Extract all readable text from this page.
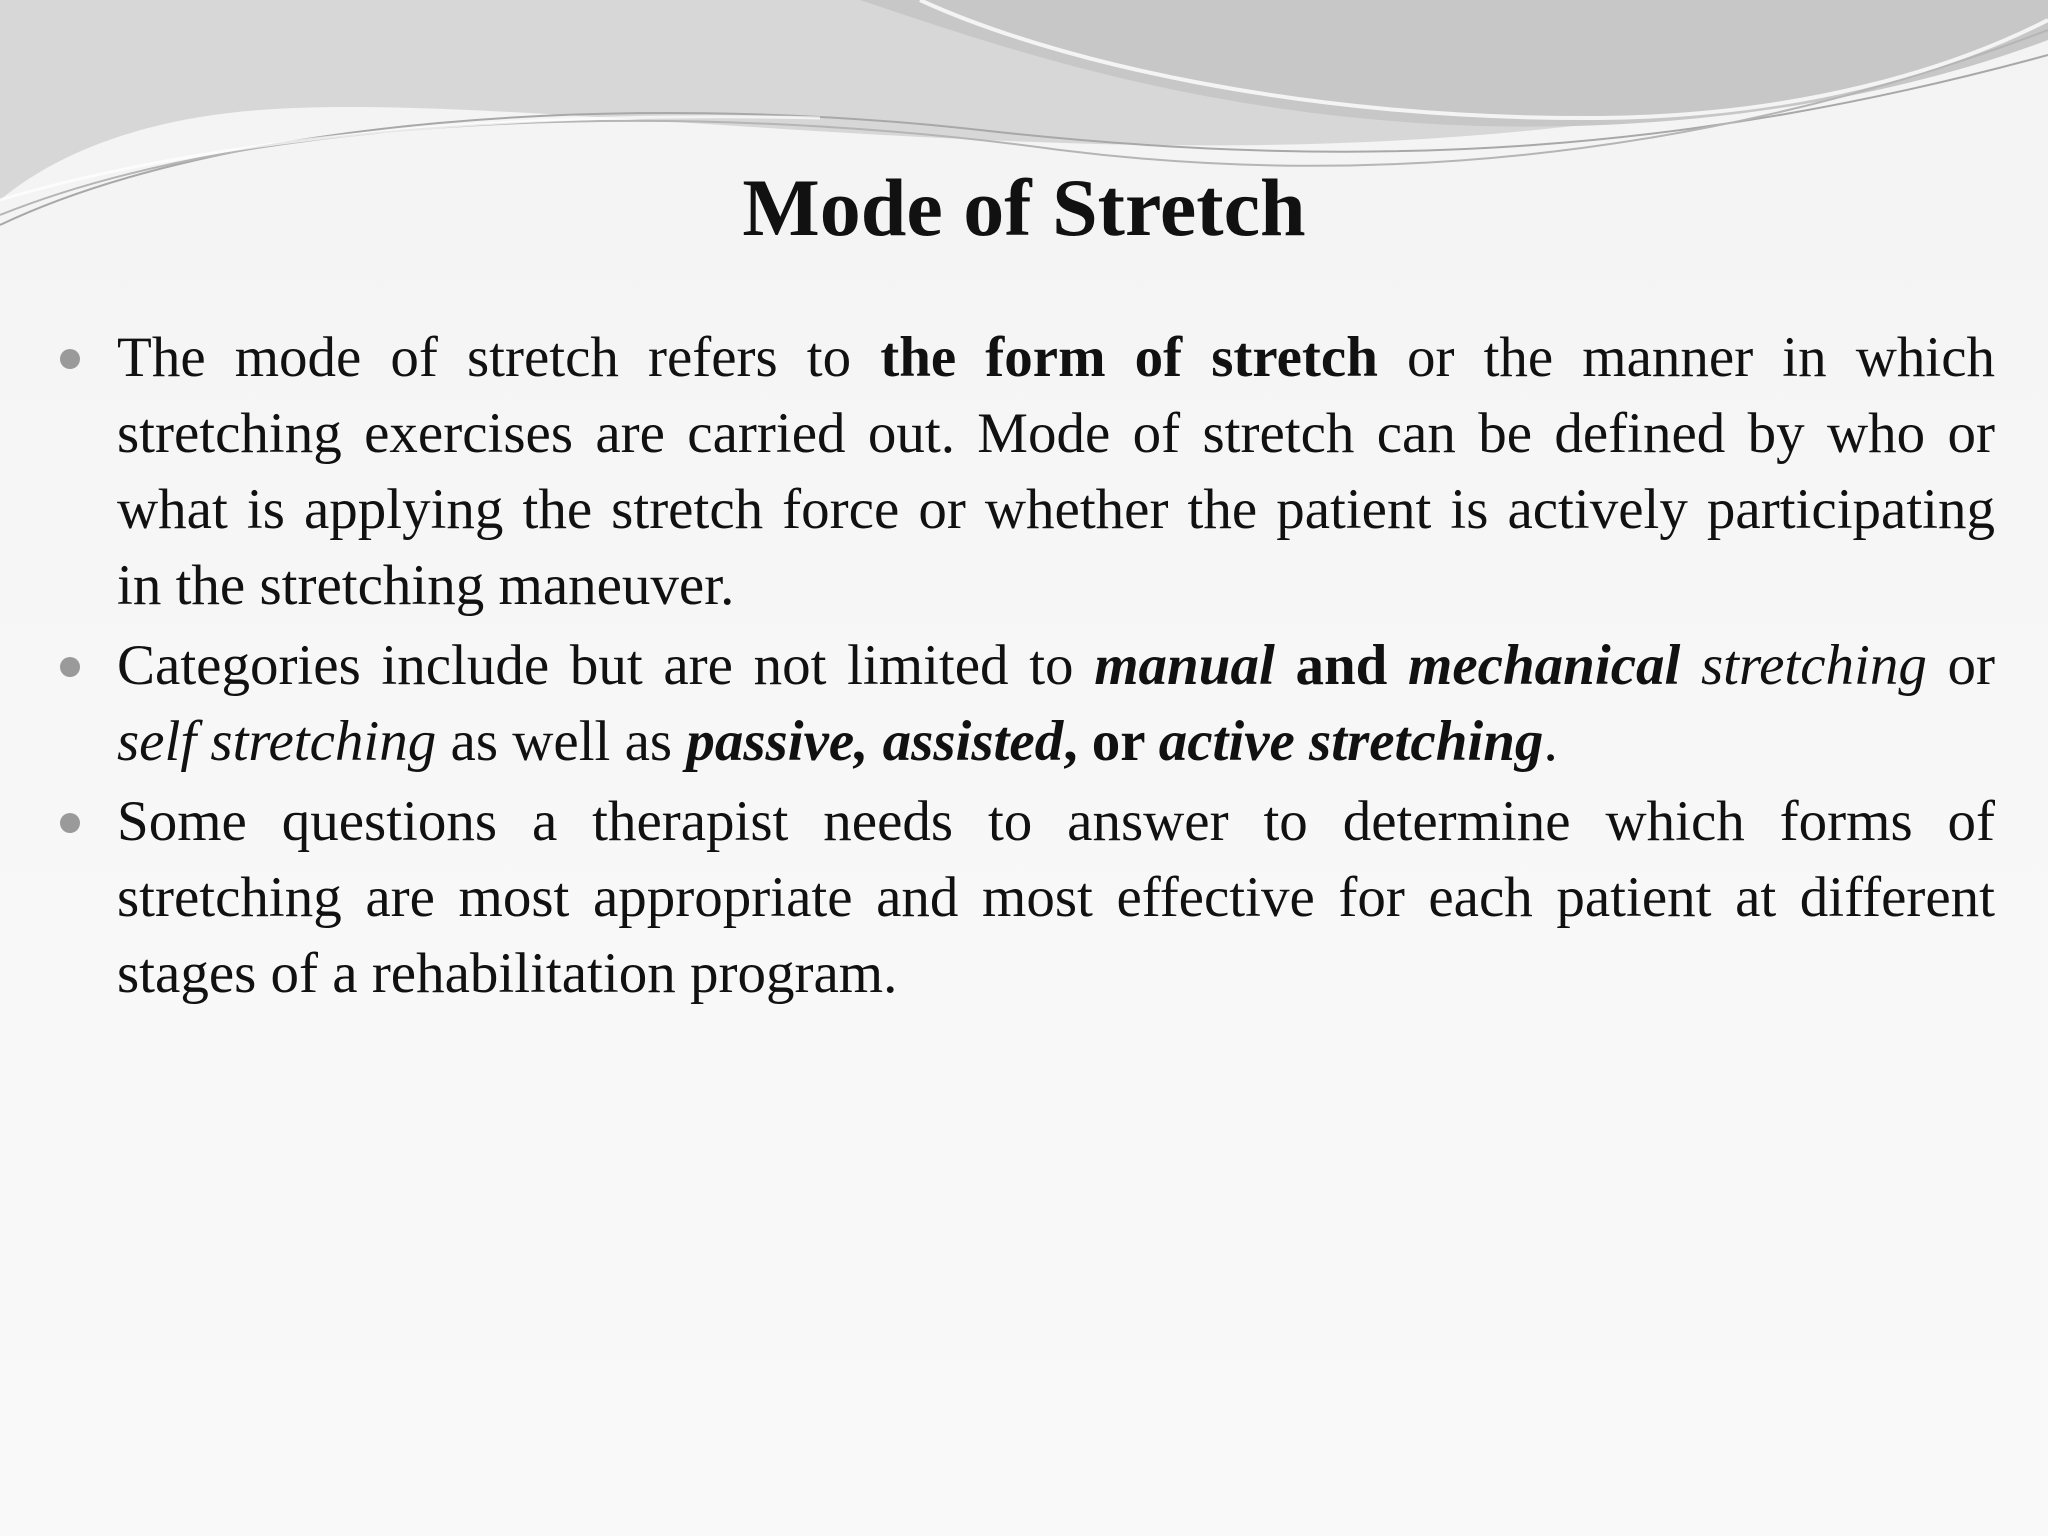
Mode of Stretch

The mode of stretch refers to the form of stretch or the manner in which stretching exercises are carried out. Mode of stretch can be defined by who or what is applying the stretch force or whether the patient is actively participating in the stretching maneuver.

Categories include but are not limited to manual and mechanical stretching or self stretching as well as passive, assisted, or active stretching.

Some questions a therapist needs to answer to determine which forms of stretching are most appropriate and most effective for each patient at different stages of a rehabilitation program.
